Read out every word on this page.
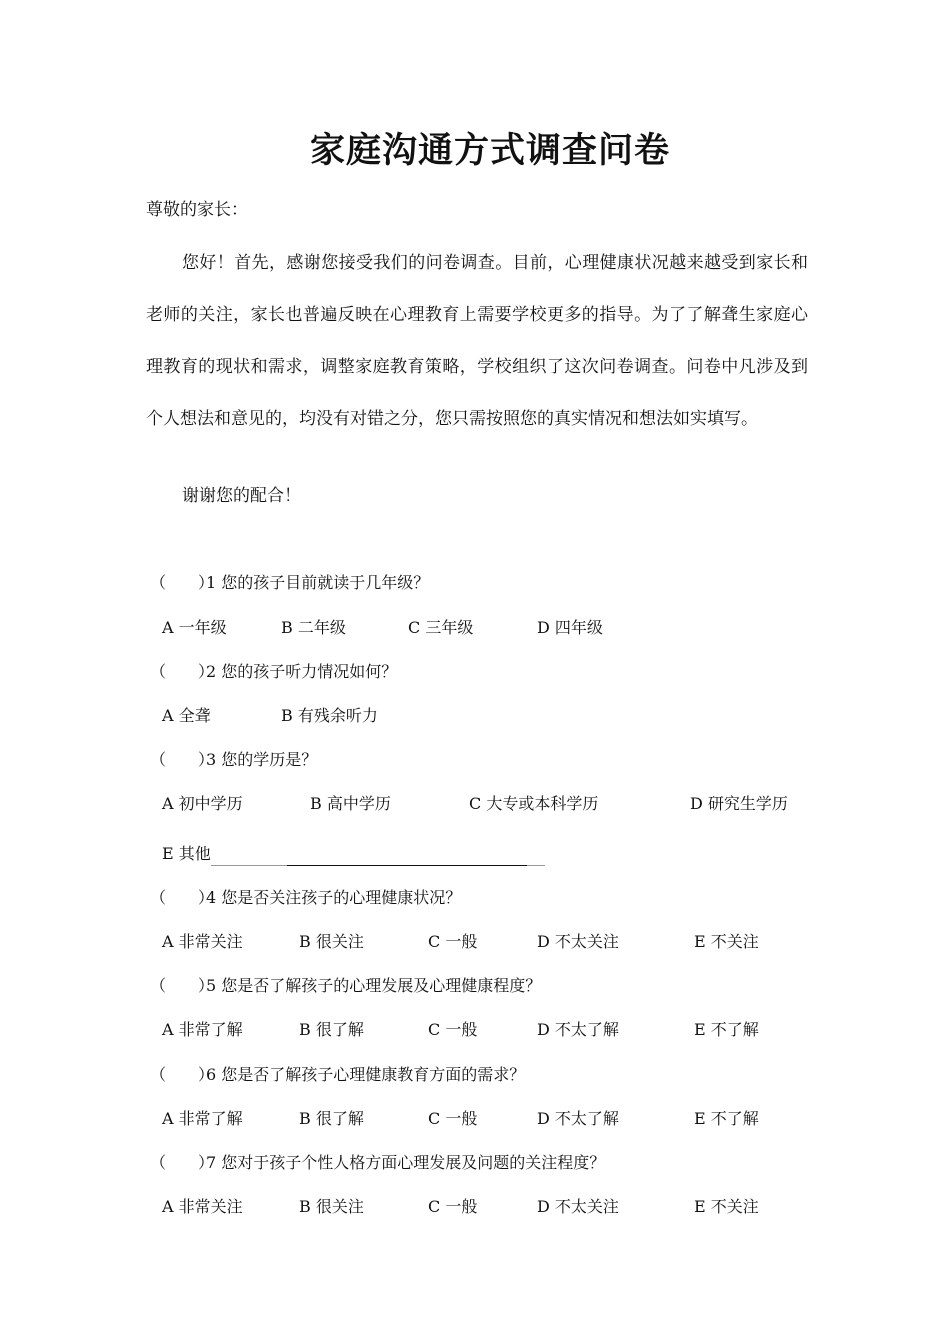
家庭沟通方式调查问卷
尊敬的家长：

您好！首先，感谢您接受我们的问卷调查。目前，心理健康状况越来越受到家长和老师的关注，家长也普遍反映在心理教育上需要学校更多的指导。为了了解聋生家庭心理教育的现状和需求，调整家庭教育策略，学校组织了这次问卷调查。问卷中凡涉及到个人想法和意见的，均没有对错之分，您只需按照您的真实情况和想法如实填写。

谢谢您的配合！
（　　）1 您的孩子目前就读于几年级？
A 一年级	B 二年级	C 三年级	D 四年级
（　　）2 您的孩子听力情况如何？
A 全聋	B 有残余听力
（　　）3 您的学历是？
A 初中学历	B 高中学历	C 大专或本科学历	D 研究生学历
E 其他
（　　）4 您是否关注孩子的心理健康状况？
A 非常关注	B 很关注	C 一般	D 不太关注	E 不关注
（　　）5 您是否了解孩子的心理发展及心理健康程度？
A 非常了解	B 很了解	C 一般	D 不太了解	E 不了解
（　　）6 您是否了解孩子心理健康教育方面的需求？
A 非常了解	B 很了解	C 一般	D 不太了解	E 不了解
（　　）7 您对于孩子个性人格方面心理发展及问题的关注程度？
A 非常关注	B 很关注	C 一般	D 不太关注	E 不关注
